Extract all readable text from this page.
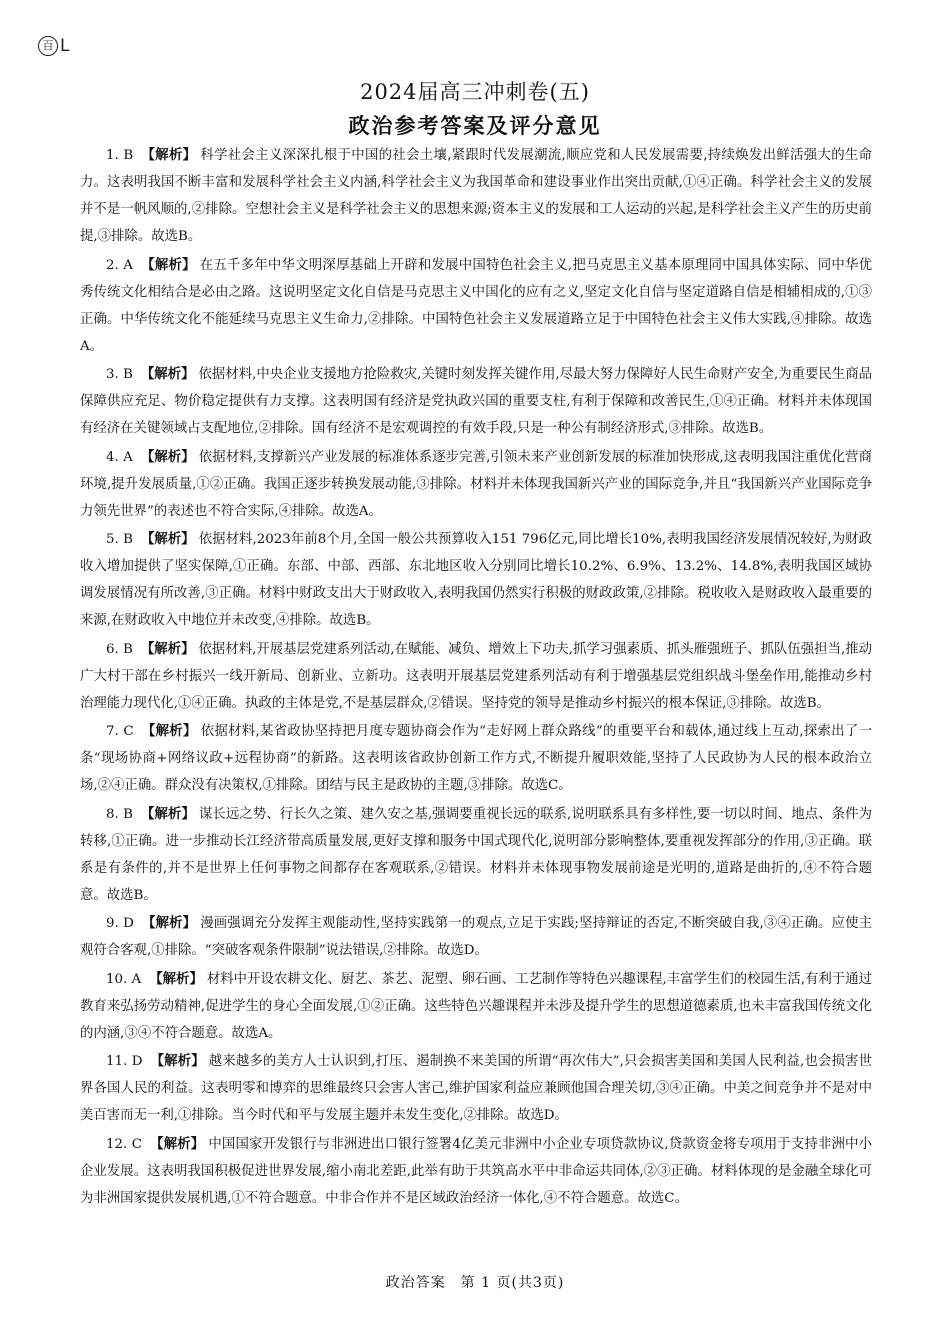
百 L
2024届高三冲刺卷(五)
政治参考答案及评分意见

1. B 【解析】 科学社会主义深深扎根于中国的社会土壤,紧跟时代发展潮流,顺应党和人民发展需要,持续焕发出鲜活强大的生命力。这表明我国不断丰富和发展科学社会主义内涵,科学社会主义为我国革命和建设事业作出突出贡献,①④正确。科学社会主义的发展并不是一帆风顺的,②排除。空想社会主义是科学社会主义的思想来源;资本主义的发展和工人运动的兴起,是科学社会主义产生的历史前提,③排除。故选B。

2. A 【解析】 在五千多年中华文明深厚基础上开辟和发展中国特色社会主义,把马克思主义基本原理同中国具体实际、同中华优秀传统文化相结合是必由之路。这说明坚定文化自信是马克思主义中国化的应有之义,坚定文化自信与坚定道路自信是相辅相成的,①③正确。中华传统文化不能延续马克思主义生命力,②排除。中国特色社会主义发展道路立足于中国特色社会主义伟大实践,④排除。故选A。

3. B 【解析】 依据材料,中央企业支援地方抢险救灾,关键时刻发挥关键作用,尽最大努力保障好人民生命财产安全,为重要民生商品保障供应充足、物价稳定提供有力支撑。这表明国有经济是党执政兴国的重要支柱,有利于保障和改善民生,①④正确。材料并未体现国有经济在关键领域占支配地位,②排除。国有经济不是宏观调控的有效手段,只是一种公有制经济形式,③排除。故选B。

4. A 【解析】 依据材料,支撑新兴产业发展的标准体系逐步完善,引领未来产业创新发展的标准加快形成,这表明我国注重优化营商环境,提升发展质量,①②正确。我国正逐步转换发展动能,③排除。材料并未体现我国新兴产业的国际竞争,并且“我国新兴产业国际竞争力领先世界”的表述也不符合实际,④排除。故选A。

5. B 【解析】 依据材料,2023年前8个月,全国一般公共预算收入151 796亿元,同比增长10%,表明我国经济发展情况较好,为财政收入增加提供了坚实保障,①正确。东部、中部、西部、东北地区收入分别同比增长10.2%、6.9%、13.2%、14.8%,表明我国区域协调发展情况有所改善,③正确。材料中财政支出大于财政收入,表明我国仍然实行积极的财政政策,②排除。税收收入是财政收入最重要的来源,在财政收入中地位并未改变,④排除。故选B。

6. B 【解析】 依据材料,开展基层党建系列活动,在赋能、减负、增效上下功夫,抓学习强素质、抓头雁强班子、抓队伍强担当,推动广大村干部在乡村振兴一线开新局、创新业、立新功。这表明开展基层党建系列活动有利于增强基层党组织战斗堡垒作用,能推动乡村治理能力现代化,①④正确。执政的主体是党,不是基层群众,②错误。坚持党的领导是推动乡村振兴的根本保证,③排除。故选B。

7. C 【解析】 依据材料,某省政协坚持把月度专题协商会作为“走好网上群众路线”的重要平台和载体,通过线上互动,探索出了一条“现场协商+网络议政+远程协商”的新路。这表明该省政协创新工作方式,不断提升履职效能,坚持了人民政协为人民的根本政治立场,②④正确。群众没有决策权,①排除。团结与民主是政协的主题,③排除。故选C。

8. B 【解析】 谋长远之势、行长久之策、建久安之基,强调要重视长远的联系,说明联系具有多样性,要一切以时间、地点、条件为转移,①正确。进一步推动长江经济带高质量发展,更好支撑和服务中国式现代化,说明部分影响整体,要重视发挥部分的作用,③正确。联系是有条件的,并不是世界上任何事物之间都存在客观联系,②错误。材料并未体现事物发展前途是光明的,道路是曲折的,④不符合题意。故选B。

9. D 【解析】 漫画强调充分发挥主观能动性,坚持实践第一的观点,立足于实践;坚持辩证的否定,不断突破自我,③④正确。应使主观符合客观,①排除。“突破客观条件限制”说法错误,②排除。故选D。

10. A 【解析】 材料中开设农耕文化、厨艺、茶艺、泥塑、卵石画、工艺制作等特色兴趣课程,丰富学生们的校园生活,有利于通过教育来弘扬劳动精神,促进学生的身心全面发展,①②正确。这些特色兴趣课程并未涉及提升学生的思想道德素质,也未丰富我国传统文化的内涵,③④不符合题意。故选A。

11. D 【解析】 越来越多的美方人士认识到,打压、遏制换不来美国的所谓“再次伟大”,只会损害美国和美国人民利益,也会损害世界各国人民的利益。这表明零和博弈的思维最终只会害人害己,维护国家利益应兼顾他国合理关切,③④正确。中美之间竞争并不是对中美百害而无一利,①排除。当今时代和平与发展主题并未发生变化,②排除。故选D。

12. C 【解析】 中国国家开发银行与非洲进出口银行签署4亿美元非洲中小企业专项贷款协议,贷款资金将专项用于支持非洲中小企业发展。这表明我国积极促进世界发展,缩小南北差距,此举有助于共筑高水平中非命运共同体,②③正确。材料体现的是金融全球化可为非洲国家提供发展机遇,①不符合题意。中非合作并不是区域政治经济一体化,④不符合题意。故选C。

政治答案　第 1 页(共3页)
